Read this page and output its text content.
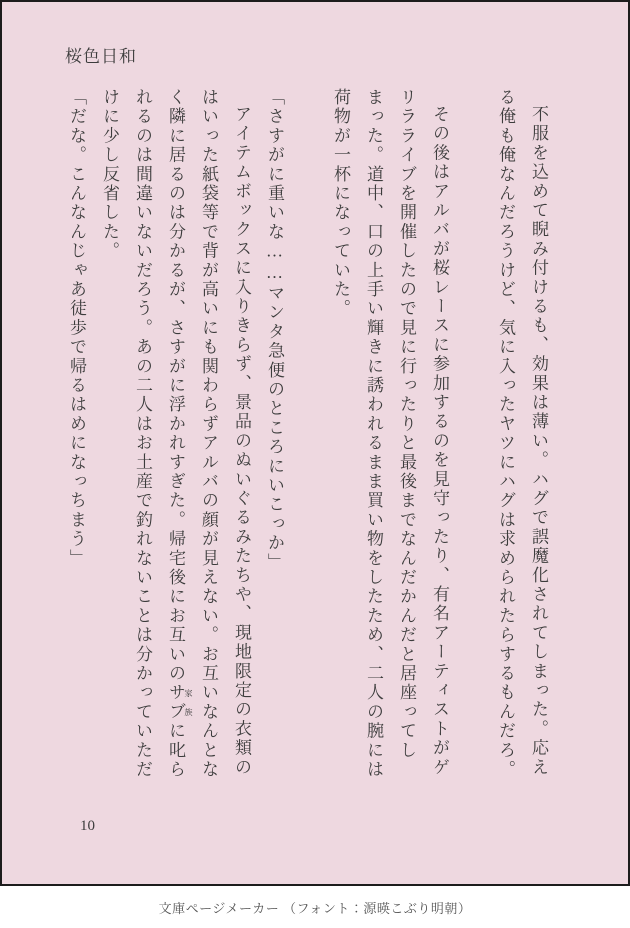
桜色日和

不服を込めて睨み付けるも、効果は薄い。ハグで誤魔化されてしまった。応える俺も俺なんだろうけど、気に入ったヤツにハグは求められたらするもんだろ。

その後はアルバが桜レースに参加するのを見守ったり、有名アーティストがゲリラライブを開催したので見に行ったりと最後までなんだかんだと居座ってしまった。道中、口の上手い輝きに誘われるまま買い物をしたため、二人の腕には荷物が一杯になっていた。

「さすがに重いな……マンタ急便のところにいこっか」

アイテムボックスに入りきらず、景品のぬいぐるみたちや、現地限定の衣類のはいった紙袋等で背が高いにも関わらずアルバの顔が見えない。お互いなんとなく隣に居るのは分かるが、さすがに浮かれすぎた。帰宅後にお互いのサブ 家族に叱られるのは間違いないだろう。あの二人はお土産で釣れないことは分かっていただけに少し反省した。

「だな。こんなんじゃあ徒歩で帰るはめになっちまう」

10
文庫ページメーカー （フォント：源暎こぶり明朝）
